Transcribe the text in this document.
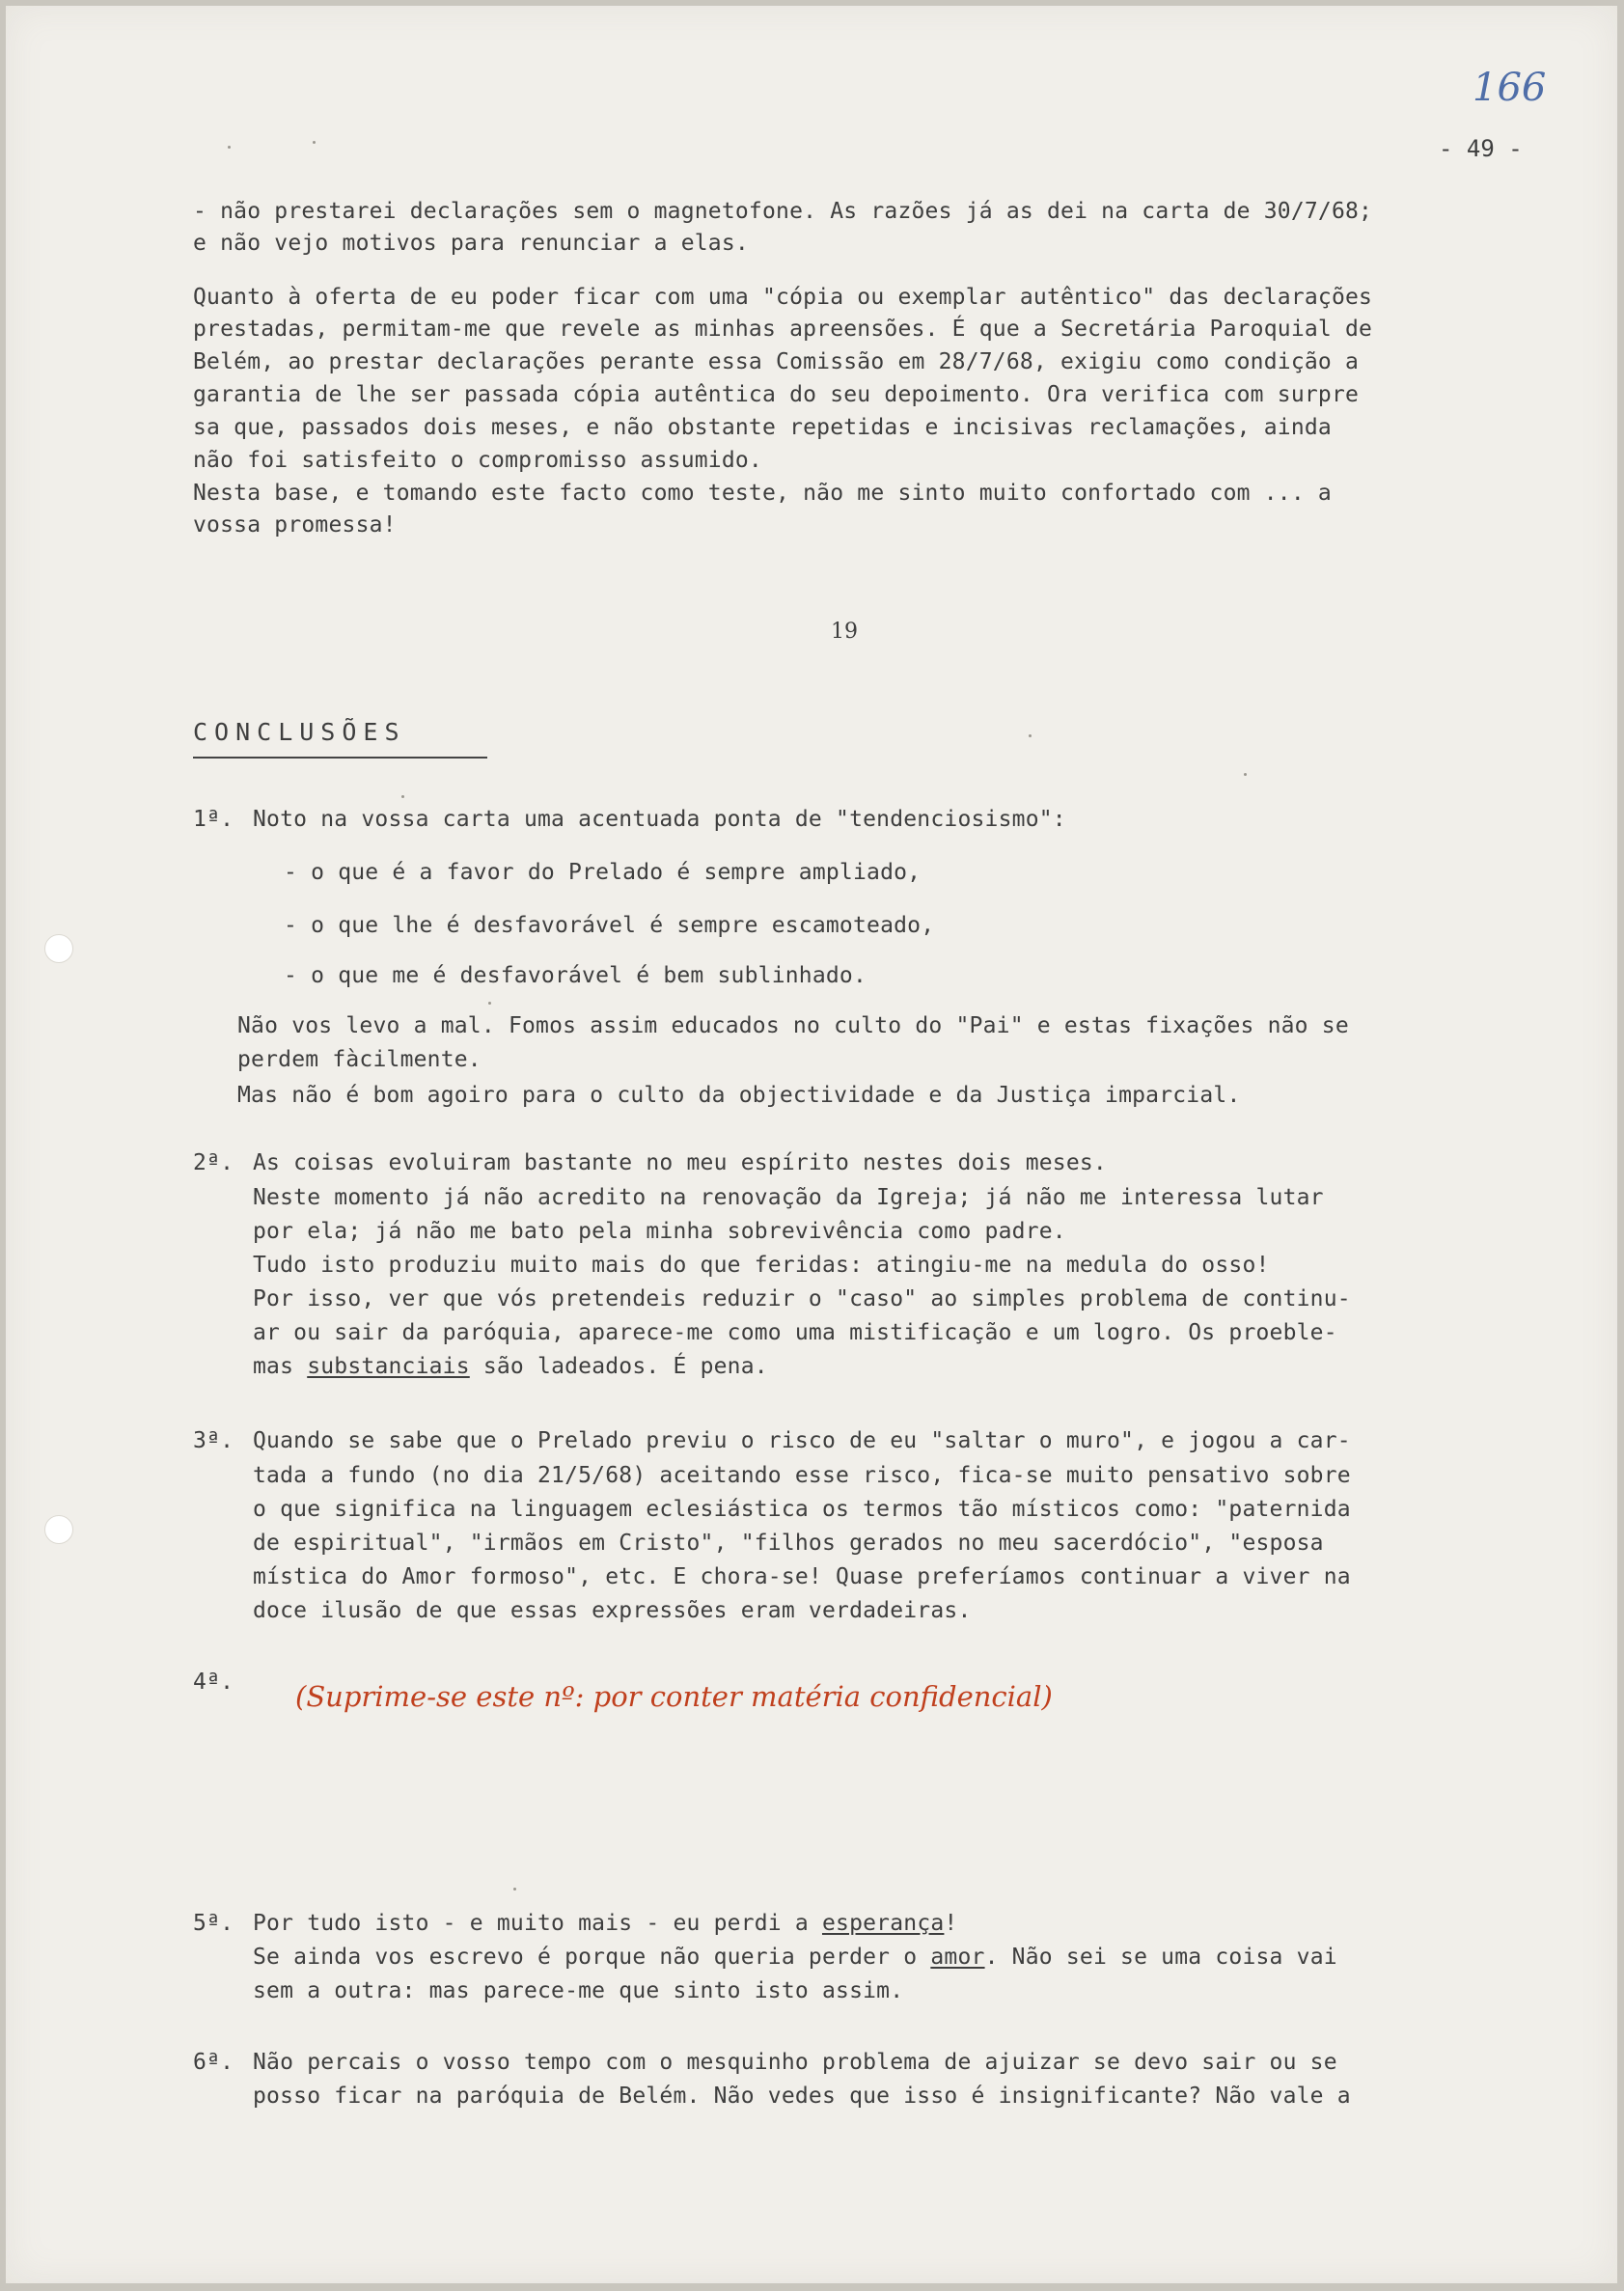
166
- 49 -
- não prestarei declarações sem o magnetofone. As razões já as dei na carta de 30/7/68;
e não vejo motivos para renunciar a elas.
Quanto à oferta de eu poder ficar com uma "cópia ou exemplar autêntico" das declarações
prestadas, permitam-me que revele as minhas apreensões. É que a Secretária Paroquial de
Belém, ao prestar declarações perante essa Comissão em 28/7/68, exigiu como condição a
garantia de lhe ser passada cópia autêntica do seu depoimento. Ora verifica com surpre
sa que, passados dois meses, e não obstante repetidas e incisivas reclamações, ainda
não foi satisfeito o compromisso assumido.
Nesta base, e tomando este facto como teste, não me sinto muito confortado com ... a
vossa promessa!
19
CONCLUSÕES
1ª. Noto na vossa carta uma acentuada ponta de "tendenciosismo":
- o que é a favor do Prelado é sempre ampliado,
- o que lhe é desfavorável é sempre escamoteado,
- o que me é desfavorável é bem sublinhado.
Não vos levo a mal. Fomos assim educados no culto do "Pai" e estas fixações não se
perdem fàcilmente.
Mas não é bom agoiro para o culto da objectividade e da Justiça imparcial.
2ª. As coisas evoluiram bastante no meu espírito nestes dois meses.
Neste momento já não acredito na renovação da Igreja; já não me interessa lutar
por ela; já não me bato pela minha sobrevivência como padre.
Tudo isto produziu muito mais do que feridas: atingiu-me na medula do osso!
Por isso, ver que vós pretendeis reduzir o "caso" ao simples problema de continu-
ar ou sair da paróquia, aparece-me como uma mistificação e um logro. Os proeble-
mas substanciais são ladeados. É pena.
3ª. Quando se sabe que o Prelado previu o risco de eu "saltar o muro", e jogou a car-
tada a fundo (no dia 21/5/68) aceitando esse risco, fica-se muito pensativo sobre
o que significa na linguagem eclesiástica os termos tão místicos como: "paternida
de espiritual", "irmãos em Cristo", "filhos gerados no meu sacerdócio", "esposa
mística do Amor formoso", etc. E chora-se! Quase preferíamos continuar a viver na
doce ilusão de que essas expressões eram verdadeiras.
4ª. (Suprime-se este nº: por conter matéria confidencial)
5ª. Por tudo isto - e muito mais - eu perdi a esperança!
Se ainda vos escrevo é porque não queria perder o amor. Não sei se uma coisa vai
sem a outra: mas parece-me que sinto isto assim.
6ª. Não percais o vosso tempo com o mesquinho problema de ajuizar se devo sair ou se
posso ficar na paróquia de Belém. Não vedes que isso é insignificante? Não vale a
